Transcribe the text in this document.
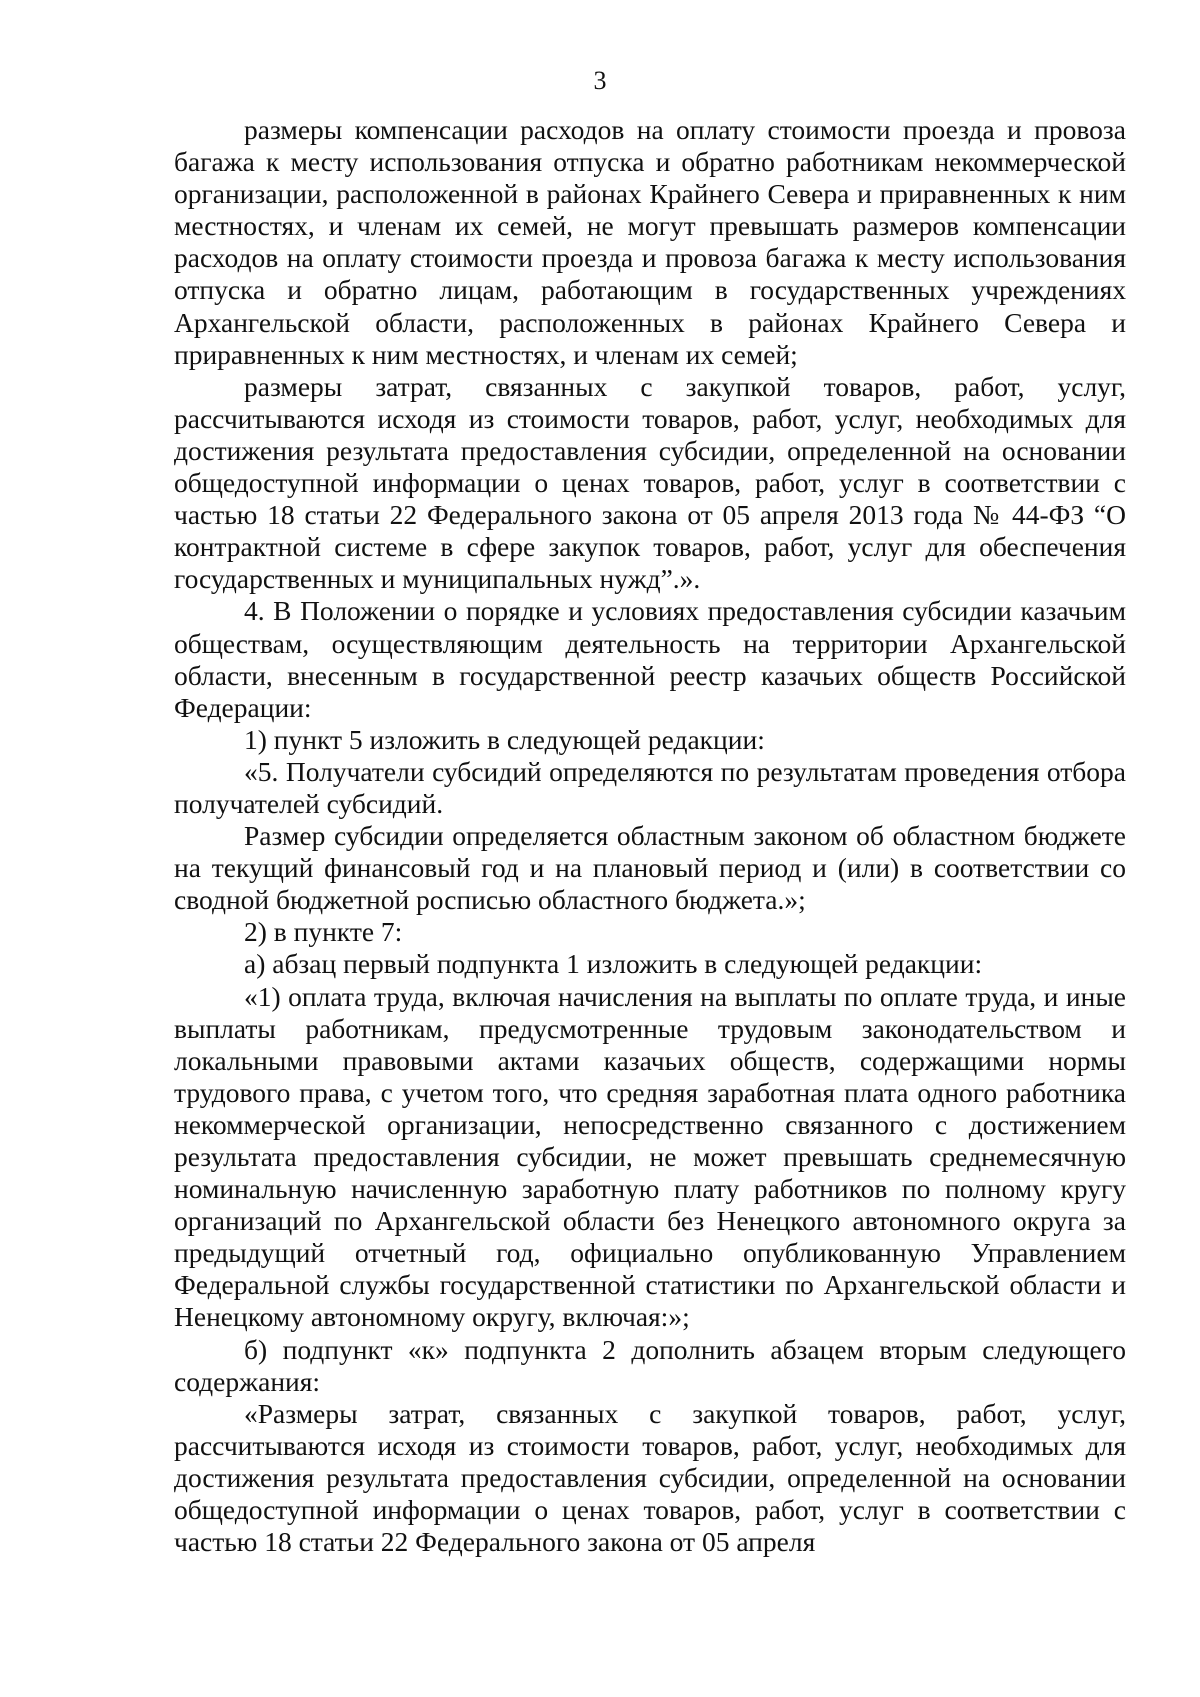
3

размеры компенсации расходов на оплату стоимости проезда и провоза багажа к месту использования отпуска и обратно работникам некоммерческой организации, расположенной в районах Крайнего Севера и приравненных к ним местностях, и членам их семей, не могут превышать размеров компенсации расходов на оплату стоимости проезда и провоза багажа к месту использования отпуска и обратно лицам, работающим в государственных учреждениях Архангельской области, расположенных в районах Крайнего Севера и приравненных к ним местностях, и членам их семей;

размеры затрат, связанных с закупкой товаров, работ, услуг, рассчитываются исходя из стоимости товаров, работ, услуг, необходимых для достижения результата предоставления субсидии, определенной на основании общедоступной информации о ценах товаров, работ, услуг в соответствии с частью 18 статьи 22 Федерального закона от 05 апреля 2013 года № 44-ФЗ “О контрактной системе в сфере закупок товаров, работ, услуг для обеспечения государственных и муниципальных нужд”.».

4. В Положении о порядке и условиях предоставления субсидии казачьим обществам, осуществляющим деятельность на территории Архангельской области, внесенным в государственной реестр казачьих обществ Российской Федерации:

1) пункт 5 изложить в следующей редакции:

«5. Получатели субсидий определяются по результатам проведения отбора получателей субсидий.

Размер субсидии определяется областным законом об областном бюджете на текущий финансовый год и на плановый период и (или) в соответствии со сводной бюджетной росписью областного бюджета.»;

2) в пункте 7:

а) абзац первый подпункта 1 изложить в следующей редакции:

«1) оплата труда, включая начисления на выплаты по оплате труда, и иные выплаты работникам, предусмотренные трудовым законодательством и локальными правовыми актами казачьих обществ, содержащими нормы трудового права, с учетом того, что средняя заработная плата одного работника некоммерческой организации, непосредственно связанного с достижением результата предоставления субсидии, не может превышать среднемесячную номинальную начисленную заработную плату работников по полному кругу организаций по Архангельской области без Ненецкого автономного округа за предыдущий отчетный год, официально опубликованную Управлением Федеральной службы государственной статистики по Архангельской области и Ненецкому автономному округу, включая:»;

б) подпункт «к» подпункта 2 дополнить абзацем вторым следующего содержания:

«Размеры затрат, связанных с закупкой товаров, работ, услуг, рассчитываются исходя из стоимости товаров, работ, услуг, необходимых для достижения результата предоставления субсидии, определенной на основании общедоступной информации о ценах товаров, работ, услуг в соответствии с частью 18 статьи 22 Федерального закона от 05 апреля
